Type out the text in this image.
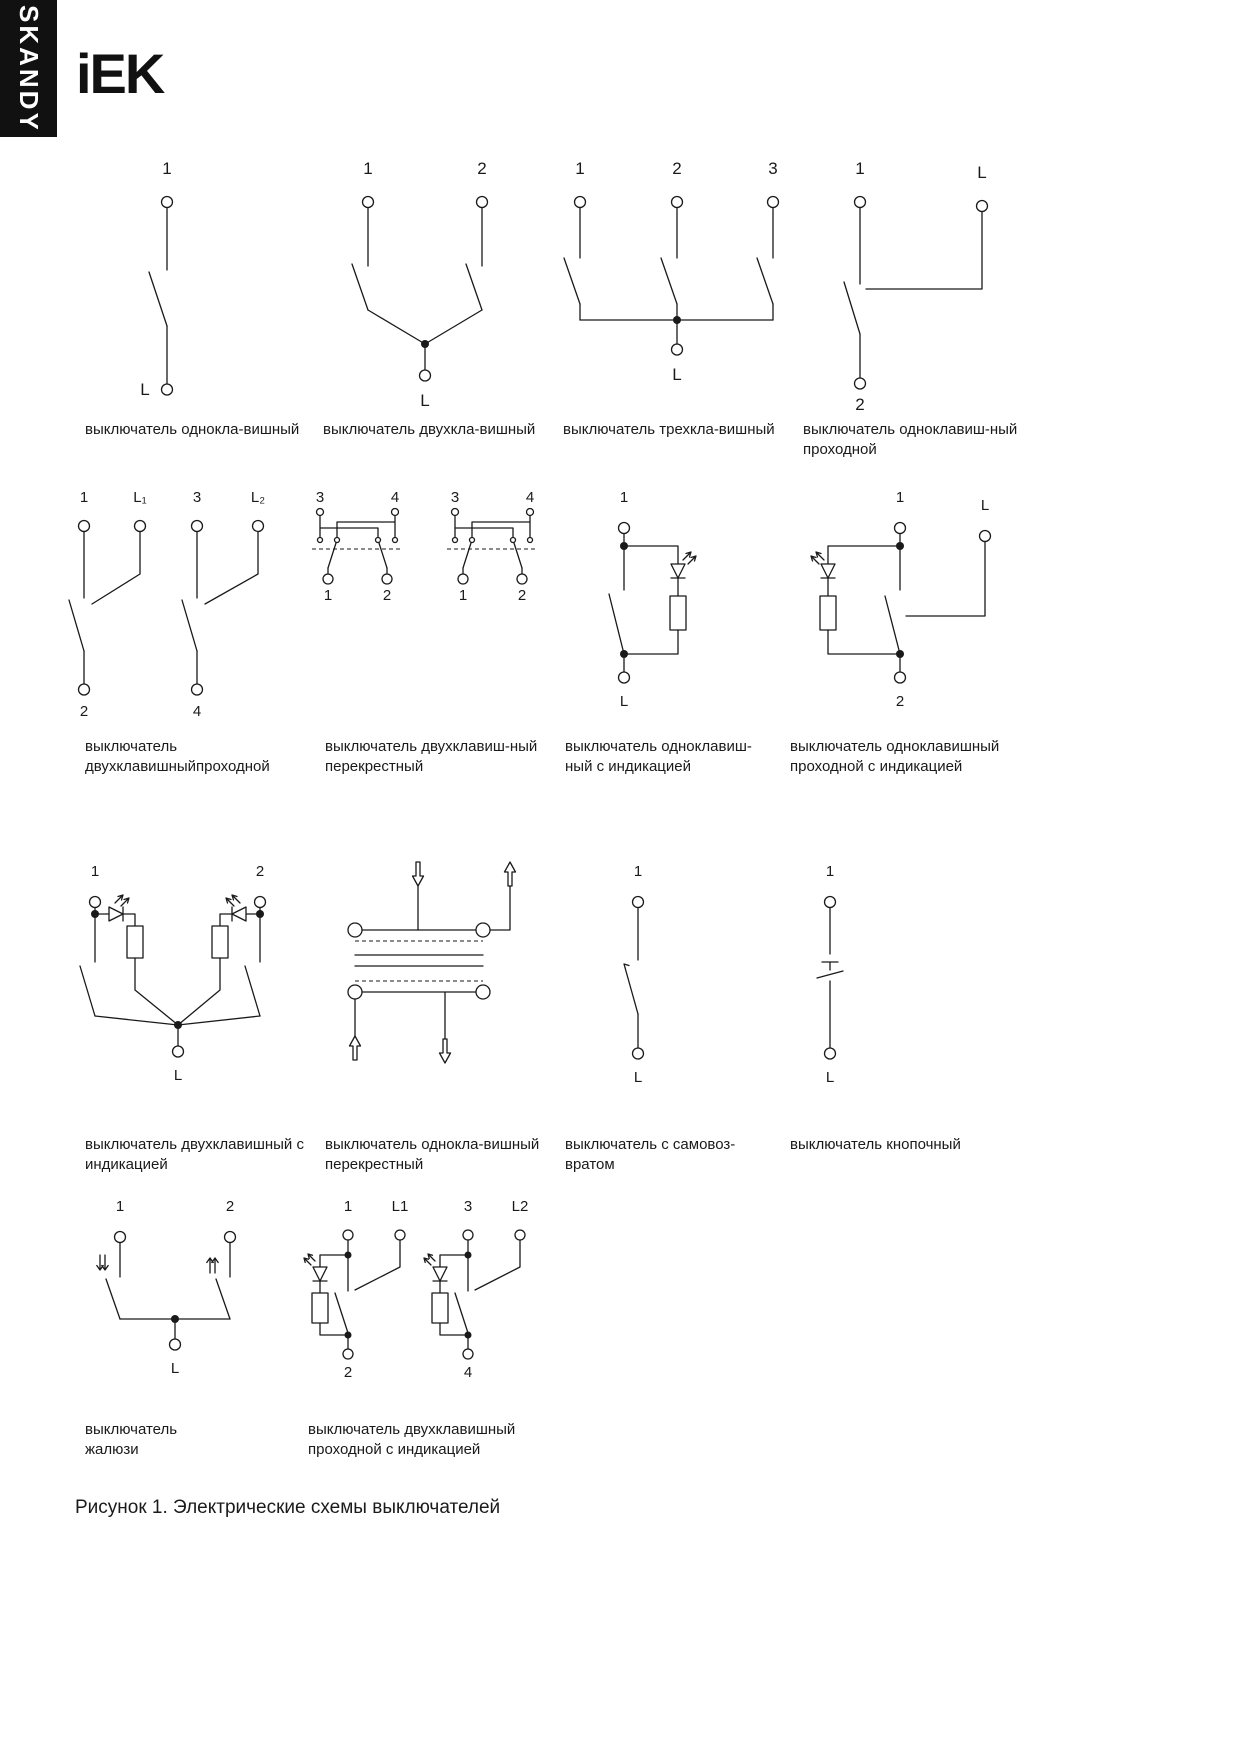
SKANDY iEK
1
L
выключатель однокла-вишный
1	2
L
выключатель двухкла-вишный
1	2	3
L
выключатель трехкла-вишный
1	L
2
выключатель одноклавиш-ный
проходной
1	L₁	3	L₂
2	4
выключатель
двухклавишныйпроходной
3	4
1	2
3	4
1	2
выключатель двухклавиш-ный
перекрестный
1
L
выключатель одноклавиш-
ный с индикацией
1	L
2
выключатель одноклавишный
проходной с индикацией
1	2
L
выключатель двухклавишный с
индикацией
выключатель однокла-вишный
перекрестный
1
L
выключатель с самовоз-
вратом
1
L
выключатель кнопочный
1	2
L
выключатель
жалюзи
1	L1	3	L2
2	4
выключатель двухклавишный
проходной с индикацией
Рисунок 1. Электрические схемы выключателей
